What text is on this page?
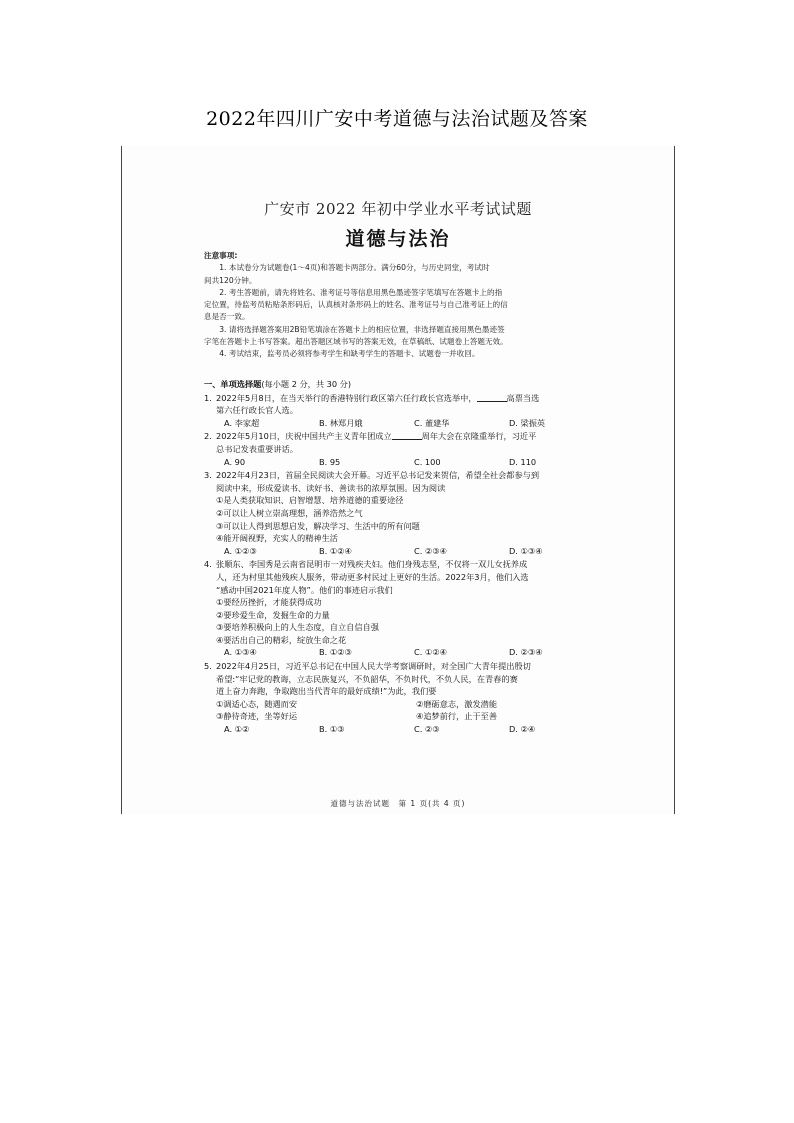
2022年四川广安中考道德与法治试题及答案
广安市 2022 年初中学业水平考试试题
道德与法治
注意事项:
1. 本试卷分为试题卷(1～4页)和答题卡两部分。满分60分，与历史同堂，考试时
间共120分钟。
2. 考生答题前，请先将姓名、准考证号等信息用黑色墨迹签字笔填写在答题卡上的指
定位置，待监考员粘贴条形码后，认真核对条形码上的姓名、准考证号与自己准考证上的信
息是否一致。
3. 请将选择题答案用2B铅笔填涂在答题卡上的相应位置，非选择题直接用黑色墨迹签
字笔在答题卡上书写答案。超出答题区域书写的答案无效，在草稿纸、试题卷上答题无效。
4. 考试结束，监考员必须将参考学生和缺考学生的答题卡、试题卷一并收回。
一、单项选择题(每小题 2 分，共 30 分)
1. 2022年5月8日，在当天举行的香港特别行政区第六任行政长官选举中，	高票当选
第六任行政长官人选。
A. 李家超	B. 林郑月娥	C. 董建华	D. 梁振英
2. 2022年5月10日，庆祝中国共产主义青年团成立	周年大会在京隆重举行，习近平
总书记发表重要讲话。
A. 90	B. 95	C. 100	D. 110
3. 2022年4月23日，首届全民阅读大会开幕。习近平总书记发来贺信，希望全社会都参与到
阅读中来，形成爱读书、读好书、善读书的浓厚氛围。因为阅读
①是人类获取知识、启智增慧、培养道德的重要途径
②可以让人树立崇高理想，涵养浩然之气
③可以让人得到思想启发，解决学习、生活中的所有问题
④能开阔视野，充实人的精神生活
A. ①②③	B. ①②④	C. ②③④	D. ①③④
4. 张顺东、李国秀是云南省昆明市一对残疾夫妇。他们身残志坚，不仅将一双儿女抚养成
人，还为村里其他残疾人服务，带动更多村民过上更好的生活。2022年3月，他们入选
“感动中国2021年度人物”。他们的事迹启示我们
①要经历挫折，才能获得成功
②要珍爱生命，发掘生命的力量
③要培养积极向上的人生态度，自立自信自强
④要活出自己的精彩，绽放生命之花
A. ①③④	B. ①②③	C. ①②④	D. ②③④
5. 2022年4月25日，习近平总书记在中国人民大学考察调研时，对全国广大青年提出殷切
希望:“牢记党的教诲，立志民族复兴，不负韶华，不负时代，不负人民，在青春的赛
道上奋力奔跑，争取跑出当代青年的最好成绩!”为此，我们要
①调适心态，随遇而安	②磨砺意志，激发潜能
③静待奇迹，坐等好运	④追梦前行，止于至善
A. ①②	B. ①③	C. ②③	D. ②④
道德与法治试题　第 1 页(共 4 页)
